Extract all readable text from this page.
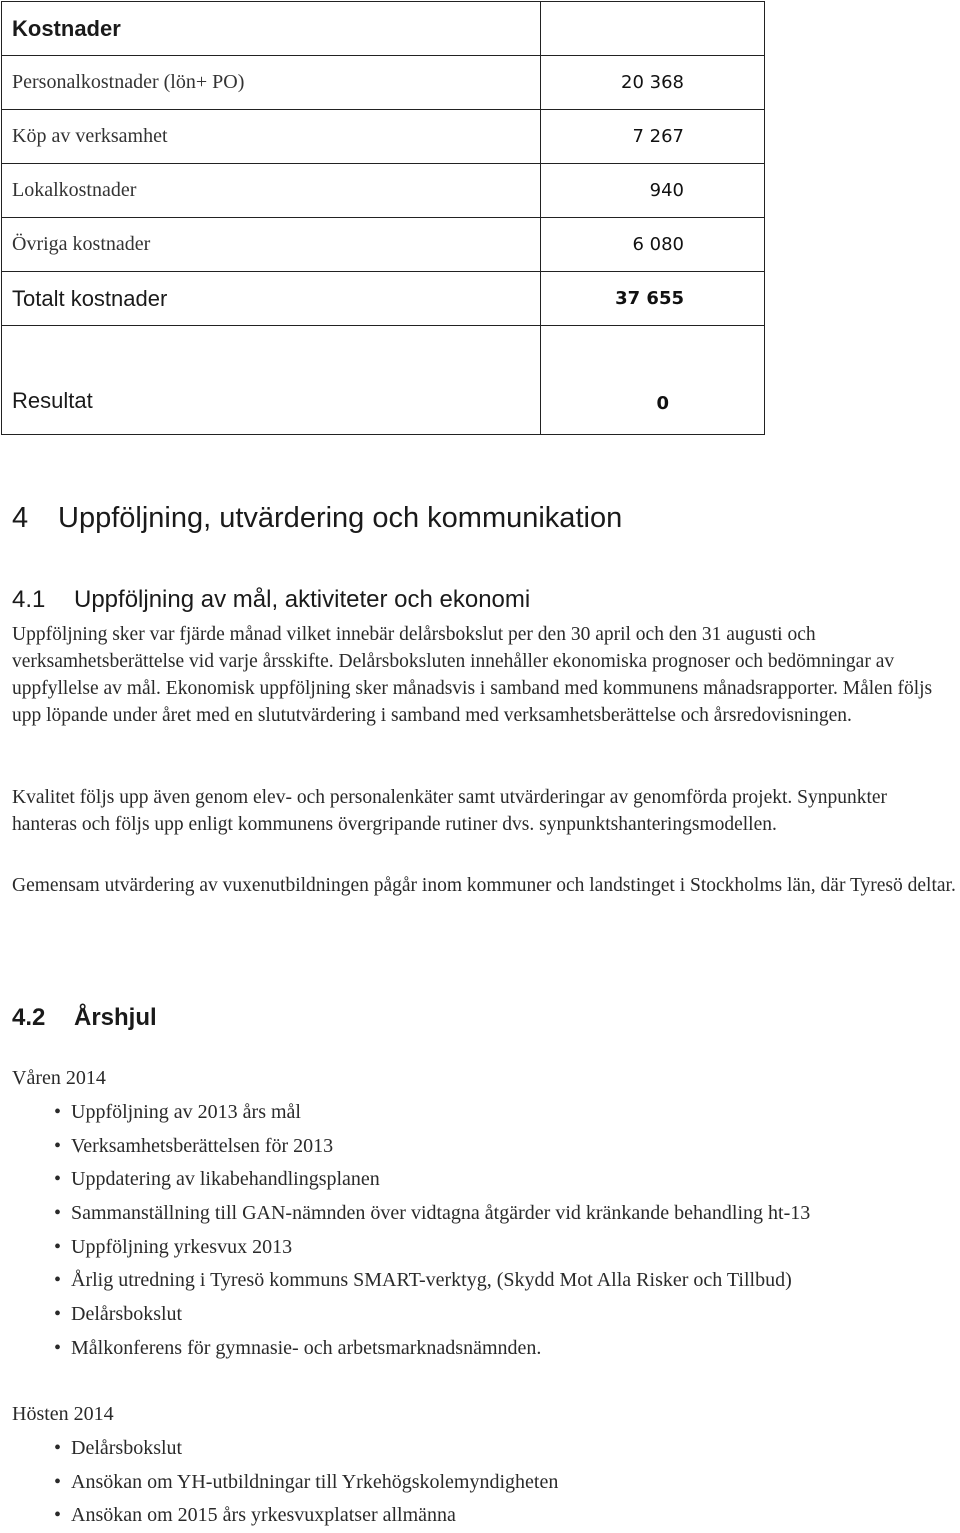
Kostnader	
Personalkostnader (lön+ PO)	20 368
Köp av verksamhet	7 267
Lokalkostnader	940
Övriga kostnader	6 080
Totalt kostnader	37 655
Resultat	0
4 Uppföljning, utvärdering och kommunikation
4.1 Uppföljning av mål, aktiviteter och ekonomi

Uppföljning sker var fjärde månad vilket innebär delårsbokslut per den 30 april och den 31 augusti och verksamhetsberättelse vid varje årsskifte. Delårsboksluten innehåller ekonomiska prognoser och bedömningar av uppfyllelse av mål. Ekonomisk uppföljning sker månadsvis i samband med kommunens månadsrapporter. Målen följs upp löpande under året med en slututvärdering i samband med verksamhetsberättelse och årsredovisningen.

Kvalitet följs upp även genom elev- och personalenkäter samt utvärderingar av genomförda projekt. Synpunkter hanteras och följs upp enligt kommunens övergripande rutiner dvs. synpunktshanteringsmodellen.

Gemensam utvärdering av vuxenutbildningen pågår inom kommuner och landstinget i Stockholms län, där Tyresö deltar.

4.2 Årshjul
Våren 2014
• Uppföljning av 2013 års mål
• Verksamhetsberättelsen för 2013
• Uppdatering av likabehandlingsplanen
• Sammanställning till GAN-nämnden över vidtagna åtgärder vid kränkande behandling ht-13
• Uppföljning yrkesvux 2013
• Årlig utredning i Tyresö kommuns SMART-verktyg, (Skydd Mot Alla Risker och Tillbud)
• Delårsbokslut
• Målkonferens för gymnasie- och arbetsmarknadsnämnden.
Hösten 2014
• Delårsbokslut
• Ansökan om YH-utbildningar till Yrkehögskolemyndigheten
• Ansökan om 2015 års yrkesvuxplatser allmänna
